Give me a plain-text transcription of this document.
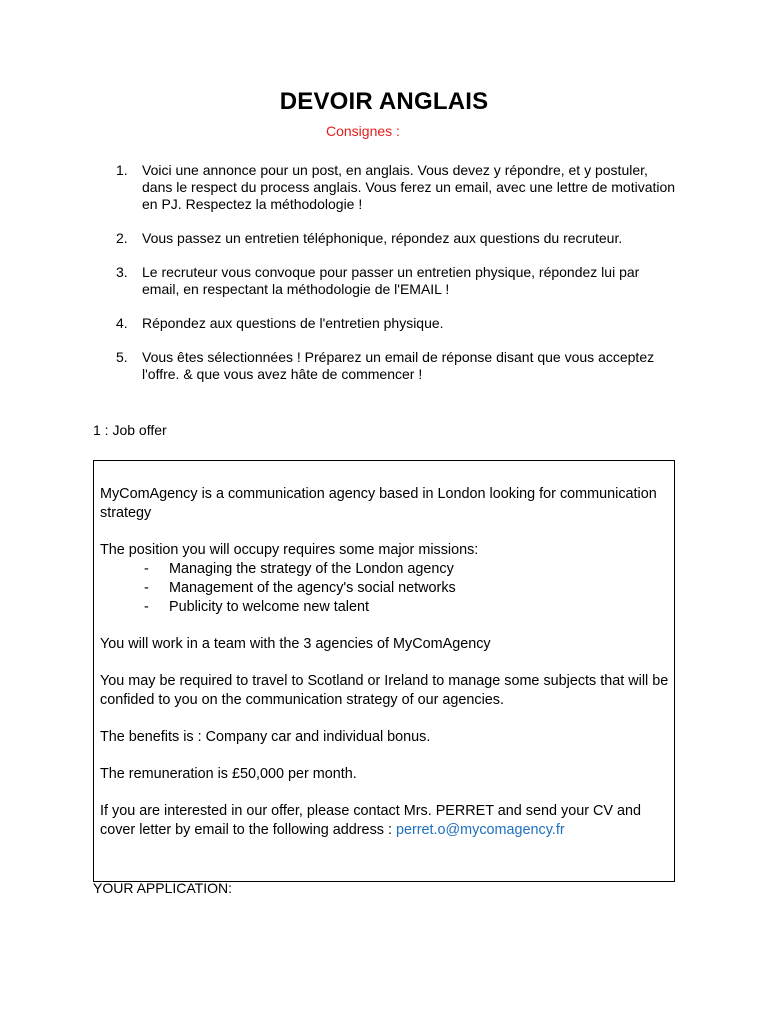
DEVOIR ANGLAIS
Consignes :
1. Voici une annonce pour un post, en anglais. Vous devez y répondre, et y postuler, dans le respect du process anglais. Vous ferez un email, avec une lettre de motivation en PJ. Respectez la méthodologie !
2. Vous passez un entretien téléphonique, répondez aux questions du recruteur.
3. Le recruteur vous convoque pour passer un entretien physique, répondez lui par email, en respectant la méthodologie de l'EMAIL !
4. Répondez aux questions de l'entretien physique.
5. Vous êtes sélectionnées ! Préparez un email de réponse disant que vous acceptez l'offre. & que vous avez hâte de commencer !
1 : Job offer

MyComAgency is a communication agency based in London looking for communication strategy

The position you will occupy requires some major missions:

- Managing the strategy of the London agency
- Management of the agency's social networks
- Publicity to welcome new talent

You will work in a team with the 3 agencies of MyComAgency

You may be required to travel to Scotland or Ireland to manage some subjects that will be confided to you on the communication strategy of our agencies.

The benefits is : Company car and individual bonus.

The remuneration is £50,000 per month.

If you are interested in our offer, please contact Mrs. PERRET and send your CV and cover letter by email to the following address : perret.o@mycomagency.fr

YOUR APPLICATION:
